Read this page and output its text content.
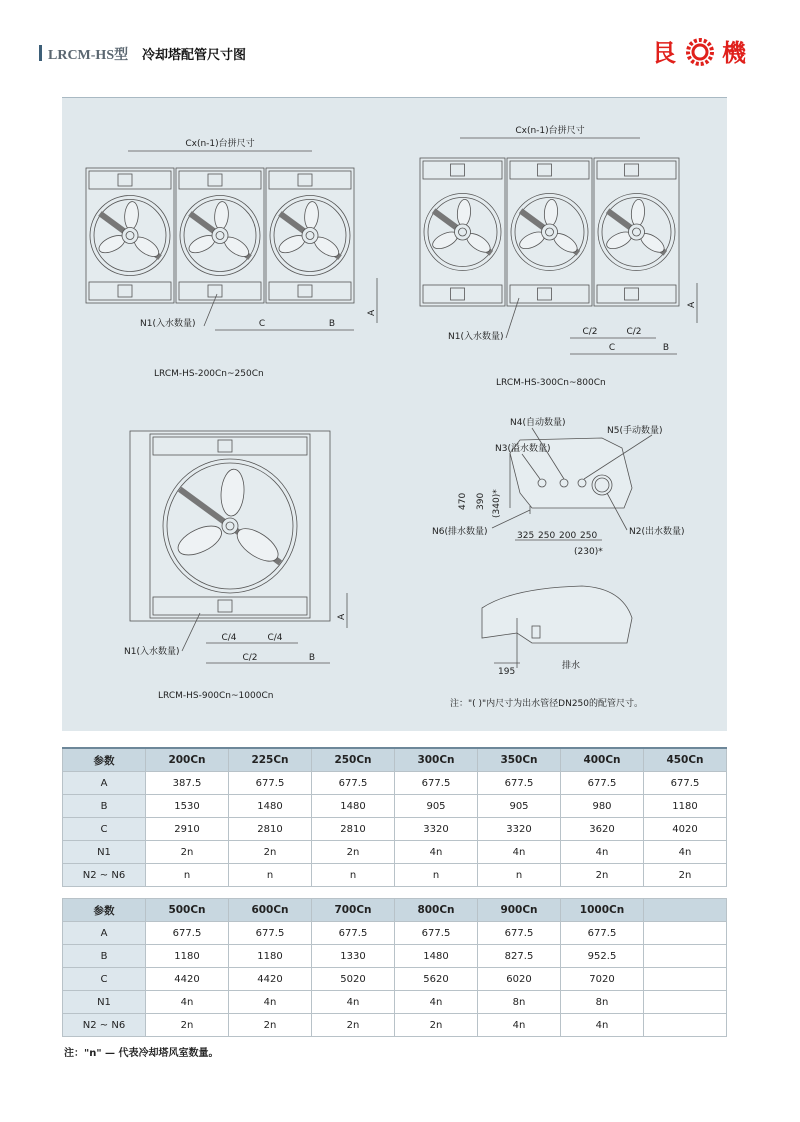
LRCM-HS型 冷却塔配管尺寸图	艮 機
Cx(n-1)台拼尺寸
C	B
A
N1(入水数量)
LRCM-HS-200Cn~250Cn
Cx(n-1)台拼尺寸
C/2	C/2
C	B
A
N1(入水数量)
LRCM-HS-300Cn~800Cn
C/4	C/4
C/2	B
A
N1(入水数量)
LRCM-HS-900Cn~1000Cn
N4(自动数量)
N5(手动数量)
N3(溢水数量)
N6(排水数量)	N2(出水数量)
470 390 (340)*
325 250 200 250
(230)*
195
排水
注："( )"内尺寸为出水管径DN250的配管尺寸。
参数	200Cn	225Cn	250Cn	300Cn	350Cn	400Cn	450Cn
A	387.5	677.5	677.5	677.5	677.5	677.5	677.5
B	1530	1480	1480	905	905	980	1180
C	2910	2810	2810	3320	3320	3620	4020
N1	2n	2n	2n	4n	4n	4n	4n
N2 ~ N6	n	n	n	n	n	2n	2n
参数	500Cn	600Cn	700Cn	800Cn	900Cn	1000Cn	
A	677.5	677.5	677.5	677.5	677.5	677.5	
B	1180	1180	1330	1480	827.5	952.5	
C	4420	4420	5020	5620	6020	7020	
N1	4n	4n	4n	4n	8n	8n	
N2 ~ N6	2n	2n	2n	2n	4n	4n	
注："n" — 代表冷却塔风室数量。
